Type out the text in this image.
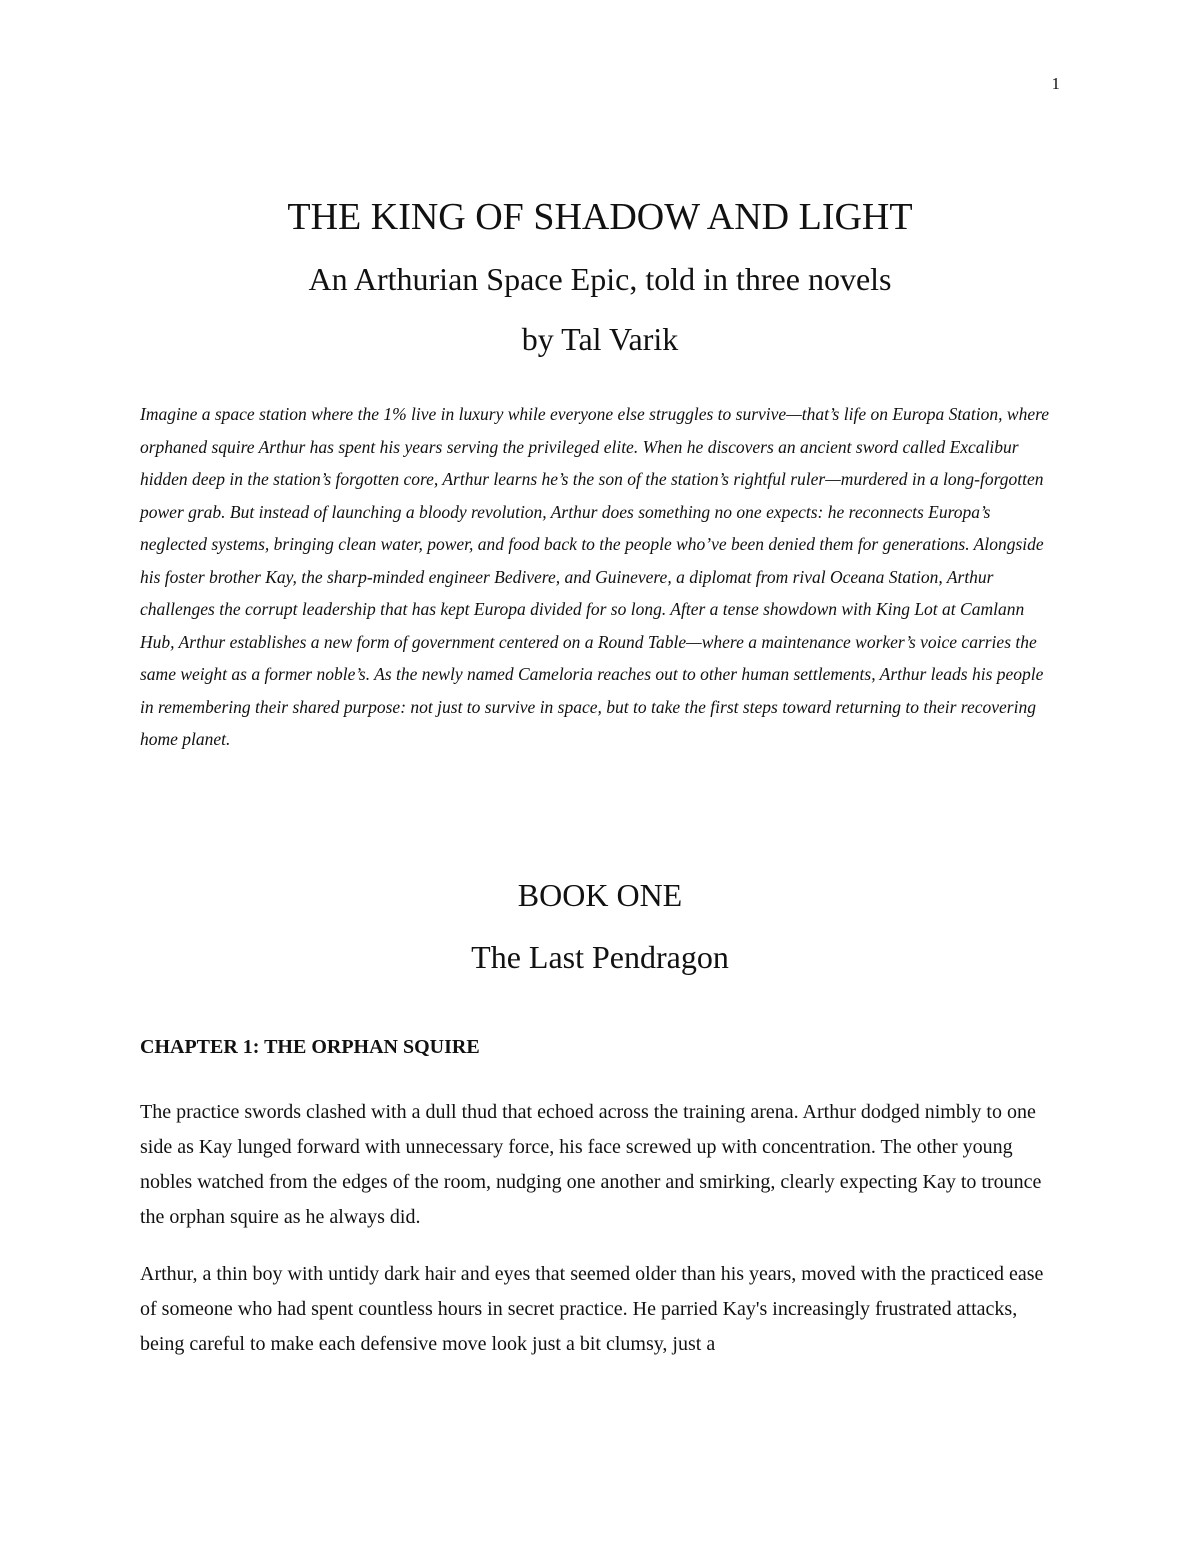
1
THE KING OF SHADOW AND LIGHT
An Arthurian Space Epic, told in three novels
by Tal Varik

Imagine a space station where the 1% live in luxury while everyone else struggles to survive—that’s life on Europa Station, where orphaned squire Arthur has spent his years serving the privileged elite. When he discovers an ancient sword called Excalibur hidden deep in the station’s forgotten core, Arthur learns he’s the son of the station’s rightful ruler—murdered in a long-forgotten power grab. But instead of launching a bloody revolution, Arthur does something no one expects: he reconnects Europa’s neglected systems, bringing clean water, power, and food back to the people who’ve been denied them for generations. Alongside his foster brother Kay, the sharp-minded engineer Bedivere, and Guinevere, a diplomat from rival Oceana Station, Arthur challenges the corrupt leadership that has kept Europa divided for so long. After a tense showdown with King Lot at Camlann Hub, Arthur establishes a new form of government centered on a Round Table—where a maintenance worker’s voice carries the same weight as a former noble’s. As the newly named Cameloria reaches out to other human settlements, Arthur leads his people in remembering their shared purpose: not just to survive in space, but to take the first steps toward returning to their recovering home planet.

BOOK ONE
The Last Pendragon
CHAPTER 1: THE ORPHAN SQUIRE

The practice swords clashed with a dull thud that echoed across the training arena. Arthur dodged nimbly to one side as Kay lunged forward with unnecessary force, his face screwed up with concentration. The other young nobles watched from the edges of the room, nudging one another and smirking, clearly expecting Kay to trounce the orphan squire as he always did.

Arthur, a thin boy with untidy dark hair and eyes that seemed older than his years, moved with the practiced ease of someone who had spent countless hours in secret practice. He parried Kay's increasingly frustrated attacks, being careful to make each defensive move look just a bit clumsy, just a
